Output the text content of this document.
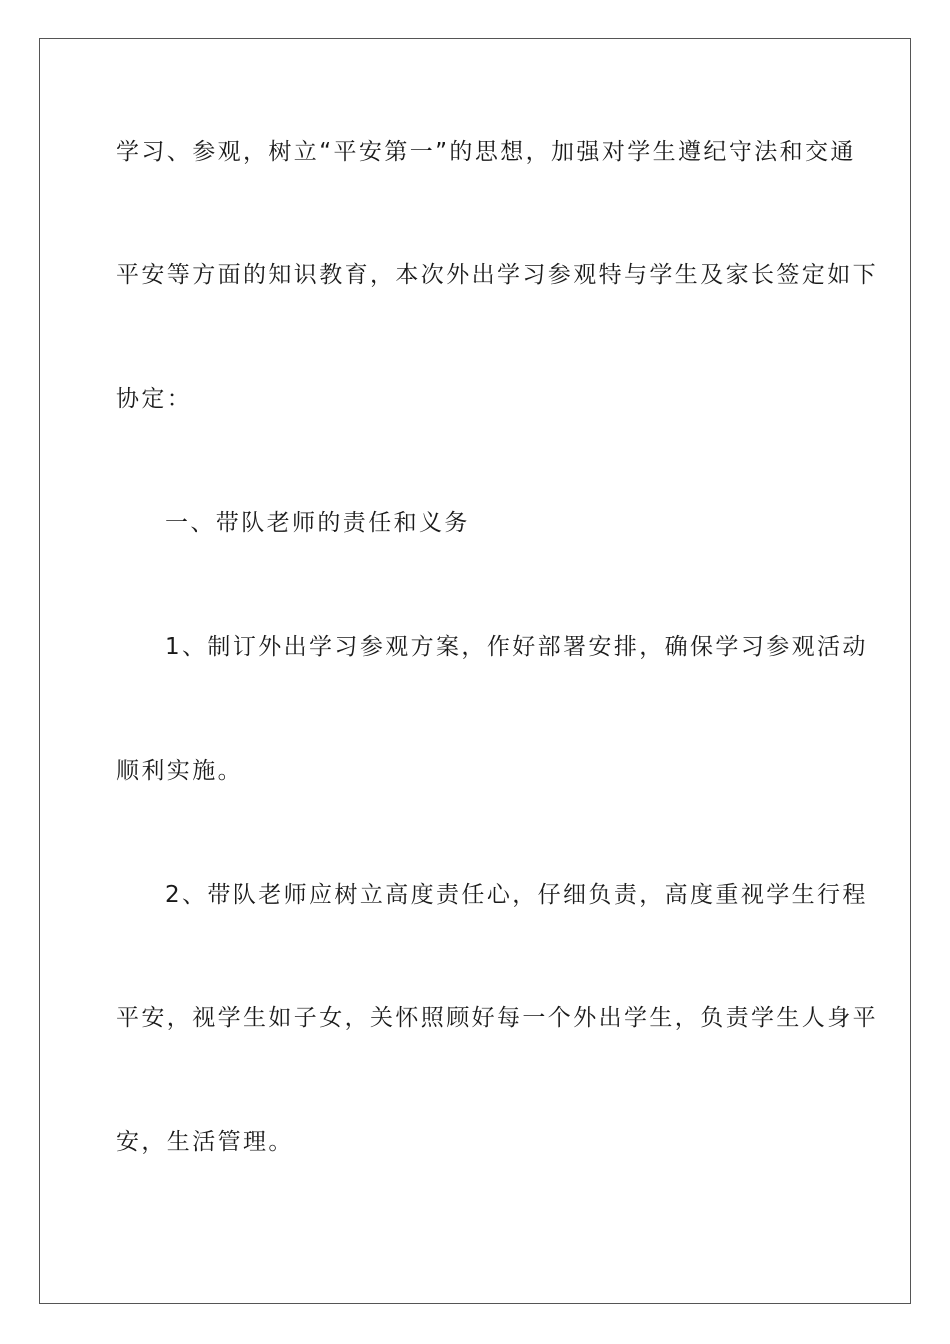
学习、参观，树立“平安第一”的思想，加强对学生遵纪守法和交通
平安等方面的知识教育，本次外出学习参观特与学生及家长签定如下
协定：
一、带队老师的责任和义务
1、制订外出学习参观方案，作好部署安排，确保学习参观活动
顺利实施。
2、带队老师应树立高度责任心，仔细负责，高度重视学生行程
平安，视学生如子女，关怀照顾好每一个外出学生，负责学生人身平
安，生活管理。
